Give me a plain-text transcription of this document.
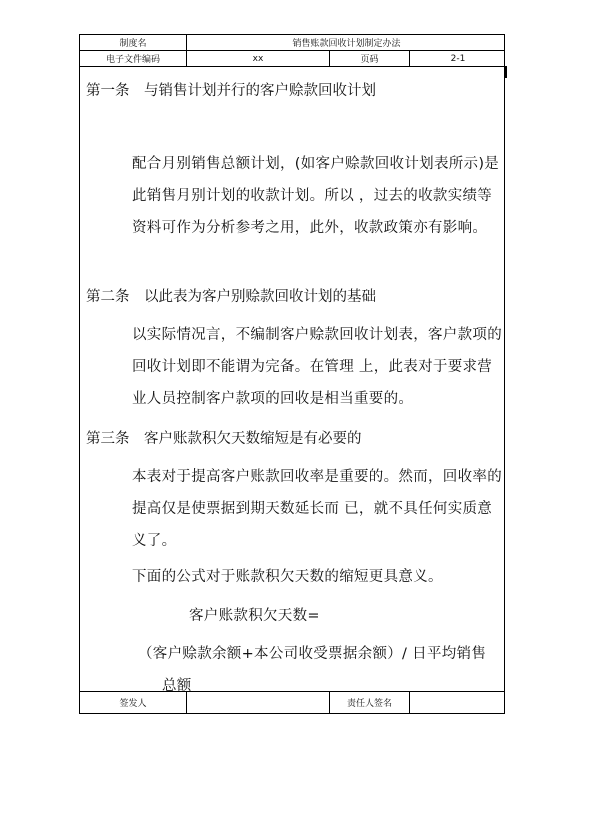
制度名	销售账款回收计划制定办法
电子文件编码	xx	页码	2-1
第一条　与销售计划并行的客户赊款回收计划
配合月别销售总额计划，(如客户赊款回收计划表所示)是此销售月别计划的收款计划。所以 ，过去的收款实绩等资料可作为分析参考之用，此外，收款政策亦有影响。
第二条　以此表为客户别赊款回收计划的基础
以实际情况言，不编制客户赊款回收计划表，客户款项的回收计划即不能谓为完备。在管理 上，此表对于要求营业人员控制客户款项的回收是相当重要的。
第三条　客户账款积欠天数缩短是有必要的
本表对于提高客户账款回收率是重要的。然而，回收率的提高仅是使票据到期天数延长而 已，就不具任何实质意义了。
下面的公式对于账款积欠天数的缩短更具意义。
客户账款积欠天数=
（客户赊款余额+本公司收受票据余额）/ 日平均销售总额
签发人	责任人签名
